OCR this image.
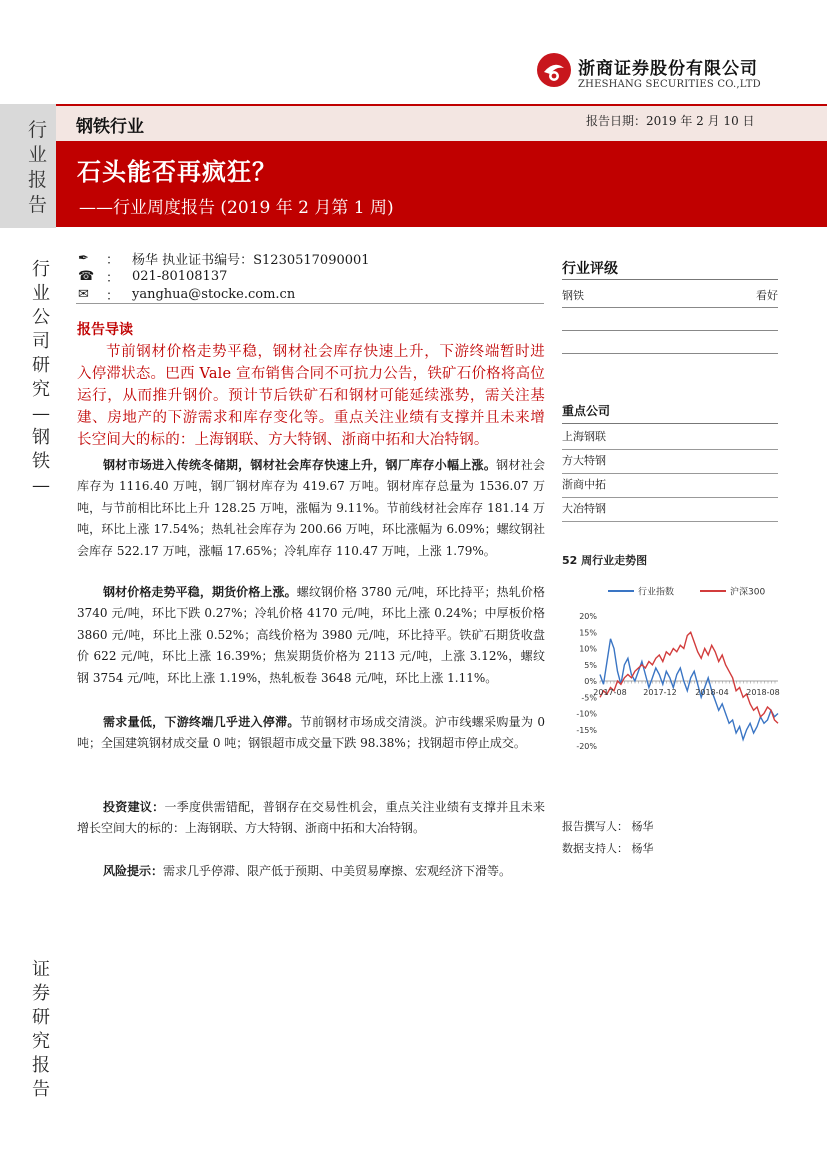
浙商证券股份有限公司
ZHESHANG SECURITIES CO.,LTD
行业报告
钢铁行业	报告日期：2019 年 2 月 10 日
石头能否再疯狂？
——行业周度报告 (2019 年 2 月第 1 周)
行业公司研究—钢铁—
证券研究报告
✒	： 杨华 执业证书编号：S1230517090001
☎ ： 021-80108137
✉	： yanghua@stocke.com.cn
报告导读
节前钢材价格走势平稳，钢材社会库存快速上升，下游终端暂时进入停滞状态。巴西 Vale 宣布销售合同不可抗力公告，铁矿石价格将高位运行，从而推升钢价。预计节后铁矿石和钢材可能延续涨势，需关注基建、房地产的下游需求和库存变化等。重点关注业绩有支撑并且未来增长空间大的标的：上海钢联、方大特钢、浙商中拓和大冶特钢。
钢材市场进入传统冬储期，钢材社会库存快速上升，钢厂库存小幅上涨。钢材社会库存为 1116.40 万吨，钢厂钢材库存为 419.67 万吨。钢材库存总量为 1536.07 万吨，与节前相比环比上升 128.25 万吨，涨幅为 9.11%。节前线材社会库存 181.14 万吨，环比上涨 17.54%；热轧社会库存为 200.66 万吨，环比涨幅为 6.09%；螺纹钢社会库存 522.17 万吨，涨幅 17.65%；冷轧库存 110.47 万吨，上涨 1.79%。
钢材价格走势平稳，期货价格上涨。螺纹钢价格 3780 元/吨，环比持平；热轧价格 3740 元/吨，环比下跌 0.27%；冷轧价格 4170 元/吨，环比上涨 0.24%；中厚板价格 3860 元/吨，环比上涨 0.52%；高线价格为 3980 元/吨，环比持平。铁矿石期货收盘价 622 元/吨，环比上涨 16.39%；焦炭期货价格为 2113 元/吨，上涨 3.12%，螺纹钢 3754 元/吨，环比上涨 1.19%，热轧板卷 3648 元/吨，环比上涨 1.11%。
需求量低，下游终端几乎进入停滞。节前钢材市场成交清淡。沪市线螺采购量为 0 吨；全国建筑钢材成交量 0 吨；钢银超市成交量下跌 98.38%；找钢超市停止成交。
投资建议：一季度供需错配，普钢存在交易性机会，重点关注业绩有支撑并且未来增长空间大的标的：上海钢联、方大特钢、浙商中拓和大冶特钢。
风险提示：需求几乎停滞、限产低于预期、中美贸易摩擦、宏观经济下滑等。
行业评级
钢铁	看好
重点公司
上海钢联
方大特钢
浙商中拓
大冶特钢
52 周行业走势图
行业指数	沪深300
20%
15%
10%
5%
0%
-5%
-10%
-15%
-20%
2017-08 2017-12 2018-04 2018-08
报告撰写人： 杨华
数据支持人： 杨华
